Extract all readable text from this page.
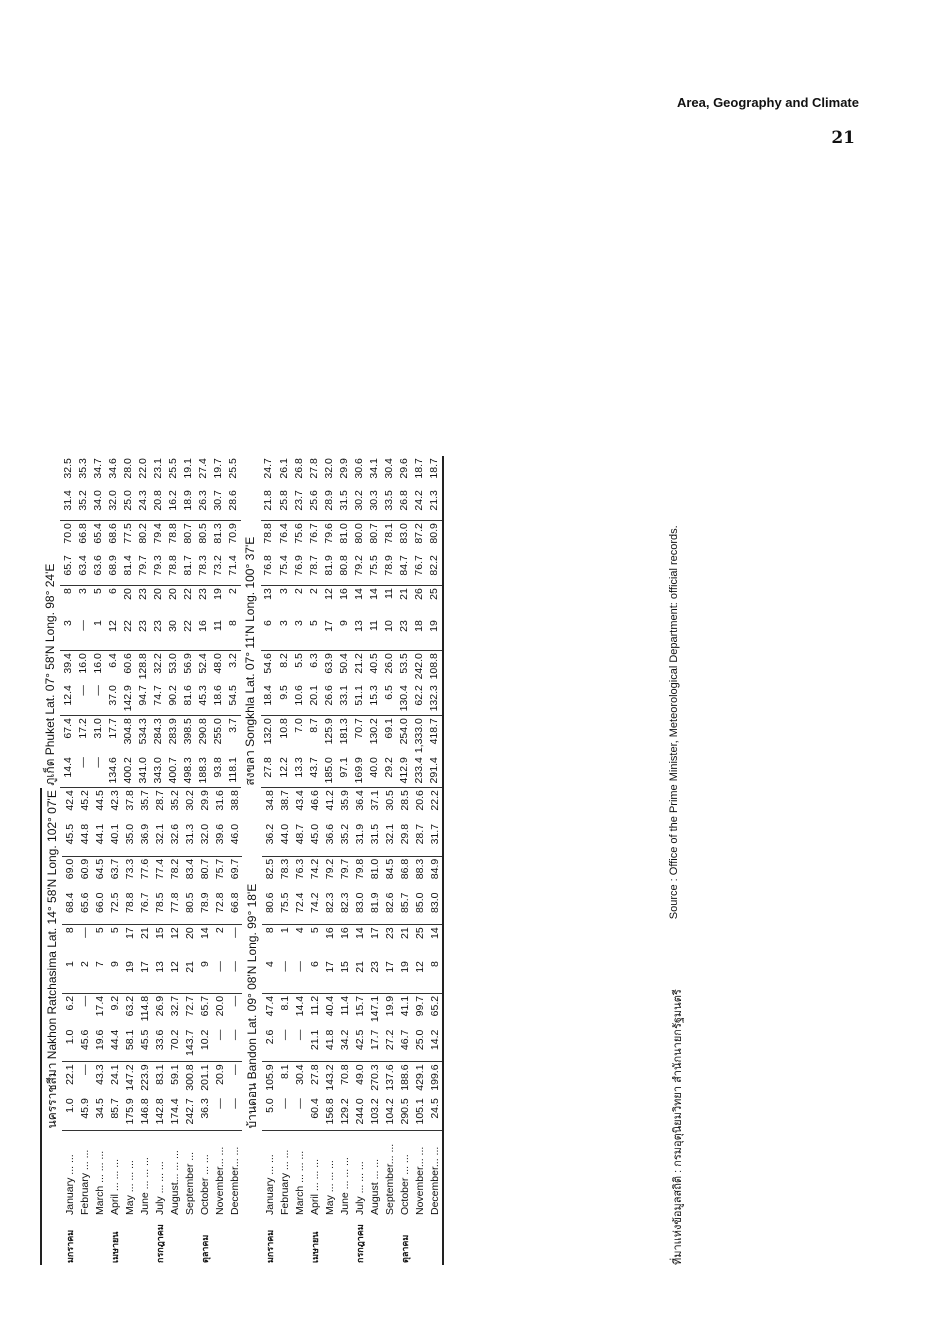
Area, Geography and Climate
21
		นครราชสีมา Nakhon Ratchasima Lat. 14° 58'N Long. 102° 07'E									
มกราคม	January ... ...	1.0	22.1	1.0	6.2	1	8	68.4	69.0	45.5	42.4
	February ... ...	45.9	—	45.6	—	2	—	65.6	60.9	44.8	45.2
	March ... ... ...	34.5	43.3	19.6	17.4	7	5	66.0	64.5	44.1	44.5
เมษายน	April ... ... ...	85.7	24.1	44.4	9.2	9	5	72.5	63.7	40.1	42.3
	May ... ... ...	175.9	147.2	58.1	63.2	19	17	78.8	73.3	35.0	37.8
	June ... ... ...	146.8	223.9	45.5	114.8	17	21	76.7	77.6	36.9	35.7
กรกฎาคม	July ... ... ...	142.8	83.1	33.6	26.9	13	15	78.5	77.4	32.1	28.7
	August... ... ...	174.4	59.1	70.2	32.7	12	12	77.8	78.2	32.6	35.2
	September ...	242.7	300.8	143.7	72.7	21	20	80.5	83.4	31.3	30.2
ตุลาคม	October ... ...	36.3	201.1	10.2	65.7	9	14	78.9	80.7	32.0	29.9
	November... ...	—	20.9	—	20.0	—	2	72.8	75.7	39.6	31.6
	December... ...	—	—	—	—	—	—	66.8	69.7	46.0	38.8
		บ้านดอน Bandon Lat. 09° 08'N Long. 99° 18'E									
มกราคม	January ... ...	5.0	105.9	2.6	47.4	4	8	80.6	82.5	36.2	34.8
	February ... ...	—	8.1	—	8.1	—	1	75.5	78.3	44.0	38.7
	March ... ... ...	—	30.4	—	14.4	—	4	72.4	76.3	48.7	43.4
เมษายน	April ... ... ...	60.4	27.8	21.1	11.2	6	5	74.2	74.2	45.0	46.6
	May ... ... ...	156.8	143.2	41.8	40.4	17	16	82.3	79.2	36.6	41.2
	June ... ... ...	129.2	70.8	34.2	11.4	15	16	82.3	79.7	35.2	35.9
กรกฎาคม	July ... ... ...	244.0	49.0	42.5	15.7	21	14	83.0	79.8	31.9	36.4
	August ... ...	103.2	270.3	17.7	147.1	23	17	81.9	81.0	31.5	37.1
	September... ...	104.2	137.6	27.2	19.9	17	23	82.6	84.5	32.1	30.5
ตุลาคม	October ... ...	290.5	188.6	46.7	41.1	19	21	85.7	86.8	29.8	28.5
	November... ...	105.1	429.1	25.0	99.7	12	25	85.0	88.3	28.7	20.6
	December... ...	24.5	199.6	14.2	65.2	8	14	83.0	84.9	31.7	22.2
ภูเก็ต Phuket Lat. 07° 58'N Long. 98° 24'E									
14.4	67.4	12.4	39.4	3	8	65.7	70.0	31.4	32.5
—	17.2	—	16.0	—	3	63.4	66.8	35.2	35.3
—	31.0	—	16.0	1	5	63.6	65.4	34.0	34.7
134.6	17.7	37.0	6.4	12	6	68.9	68.6	32.0	34.6
400.2	304.8	142.9	60.6	22	20	81.4	77.5	25.0	28.0
341.0	534.3	94.7	128.8	23	23	79.7	80.2	24.3	22.0
343.0	284.3	74.7	32.2	23	20	79.3	79.4	20.8	23.1
400.7	283.9	90.2	53.0	30	20	78.8	78.8	16.2	25.5
498.3	398.5	81.6	56.9	22	22	81.7	80.7	18.9	19.1
188.3	290.8	45.3	52.4	16	23	78.3	80.5	26.3	27.4
93.8	255.0	18.6	48.0	11	19	73.2	81.3	30.7	19.7
118.1	3.7	54.5	3.2	8	2	71.4	70.9	28.6	25.5
สงขลา Songkhla Lat. 07° 11'N Long. 100° 37'E									
27.8	132.0	18.4	54.6	6	13	76.8	78.8	21.8	24.7
12.2	10.8	9.5	8.2	3	3	75.4	76.4	25.8	26.1
13.3	7.0	10.6	5.5	3	2	76.9	75.6	23.7	26.8
43.7	8.7	20.1	6.3	5	2	78.7	76.7	25.6	27.8
185.0	125.9	26.6	63.9	17	12	81.9	79.6	28.9	32.0
97.1	181.3	33.1	50.4	9	16	80.8	81.0	31.5	29.9
169.9	70.7	51.1	21.2	13	14	79.2	80.0	30.2	30.6
40.0	130.2	15.3	40.5	11	14	75.5	80.7	30.3	34.1
29.2	69.1	6.5	26.0	10	11	78.9	78.1	33.5	30.4
412.9	254.0	130.4	53.5	23	21	84.7	83.0	26.8	29.6
233.4	1,333.0	62.2	242.0	18	26	76.7	87.2	24.2	18.7
291.4	418.7	132.3	108.8	19	25	82.2	80.9	21.3	18.7
ที่มาแห่งข้อมูลสถิติ : กรมอุตุนิยมวิทยา สำนักนายกรัฐมนตรี
Source : Office of the Prime Minister, Meteorological Department: official records.
